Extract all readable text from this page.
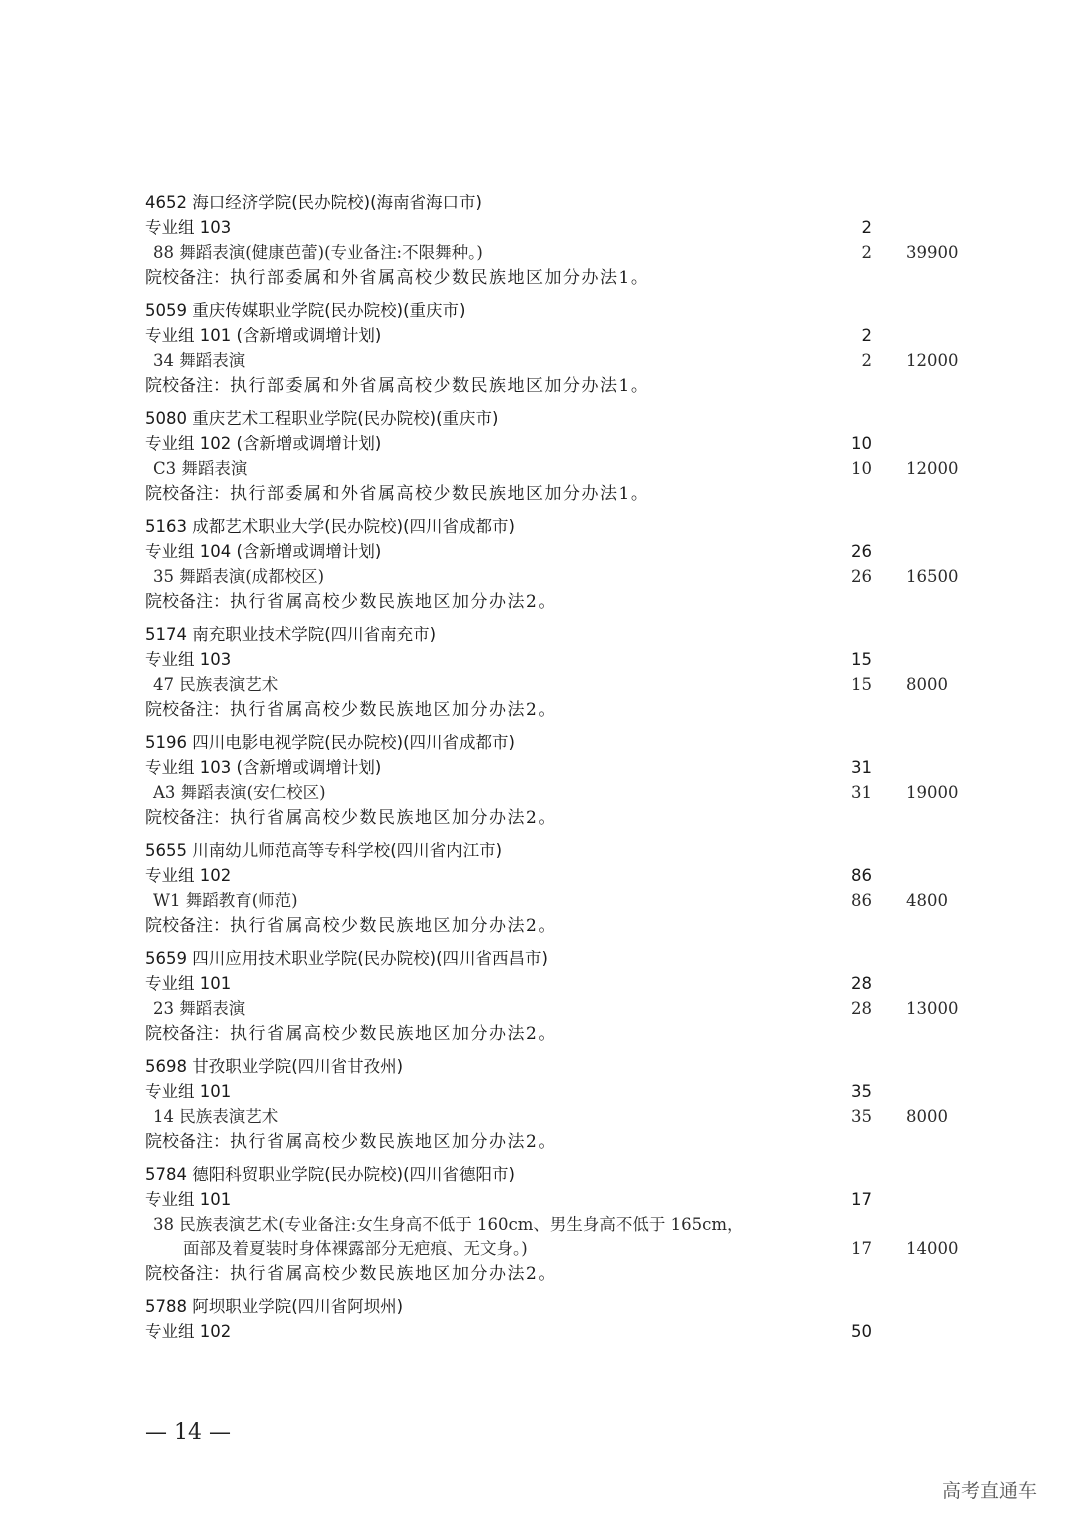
4652 海口经济学院(民办院校)(海南省海口市)
专业组 103	2
88 舞蹈表演(健康芭蕾)(专业备注:不限舞种。)	2 39900
院校备注：执行部委属和外省属高校少数民族地区加分办法1。
5059 重庆传媒职业学院(民办院校)(重庆市)
专业组 101 (含新增或调增计划)	2
34 舞蹈表演	2 12000
院校备注：执行部委属和外省属高校少数民族地区加分办法1。
5080 重庆艺术工程职业学院(民办院校)(重庆市)
专业组 102 (含新增或调增计划)	10
C3 舞蹈表演	10 12000
院校备注：执行部委属和外省属高校少数民族地区加分办法1。
5163 成都艺术职业大学(民办院校)(四川省成都市)
专业组 104 (含新增或调增计划)	26
35 舞蹈表演(成都校区)	26 16500
院校备注：执行省属高校少数民族地区加分办法2。
5174 南充职业技术学院(四川省南充市)
专业组 103	15
47 民族表演艺术	15 8000
院校备注：执行省属高校少数民族地区加分办法2。
5196 四川电影电视学院(民办院校)(四川省成都市)
专业组 103 (含新增或调增计划)	31
A3 舞蹈表演(安仁校区)	31 19000
院校备注：执行省属高校少数民族地区加分办法2。
5655 川南幼儿师范高等专科学校(四川省内江市)
专业组 102	86
W1 舞蹈教育(师范)	86 4800
院校备注：执行省属高校少数民族地区加分办法2。
5659 四川应用技术职业学院(民办院校)(四川省西昌市)
专业组 101	28
23 舞蹈表演	28 13000
院校备注：执行省属高校少数民族地区加分办法2。
5698 甘孜职业学院(四川省甘孜州)
专业组 101	35
14 民族表演艺术	35 8000
院校备注：执行省属高校少数民族地区加分办法2。
5784 德阳科贸职业学院(民办院校)(四川省德阳市)
专业组 101	17
38 民族表演艺术(专业备注:女生身高不低于 160cm、男生身高不低于 165cm，
面部及着夏装时身体裸露部分无疤痕、无文身。)	17 14000
院校备注：执行省属高校少数民族地区加分办法2。
5788 阿坝职业学院(四川省阿坝州)
专业组 102	50
— 14 —
高考直通车
